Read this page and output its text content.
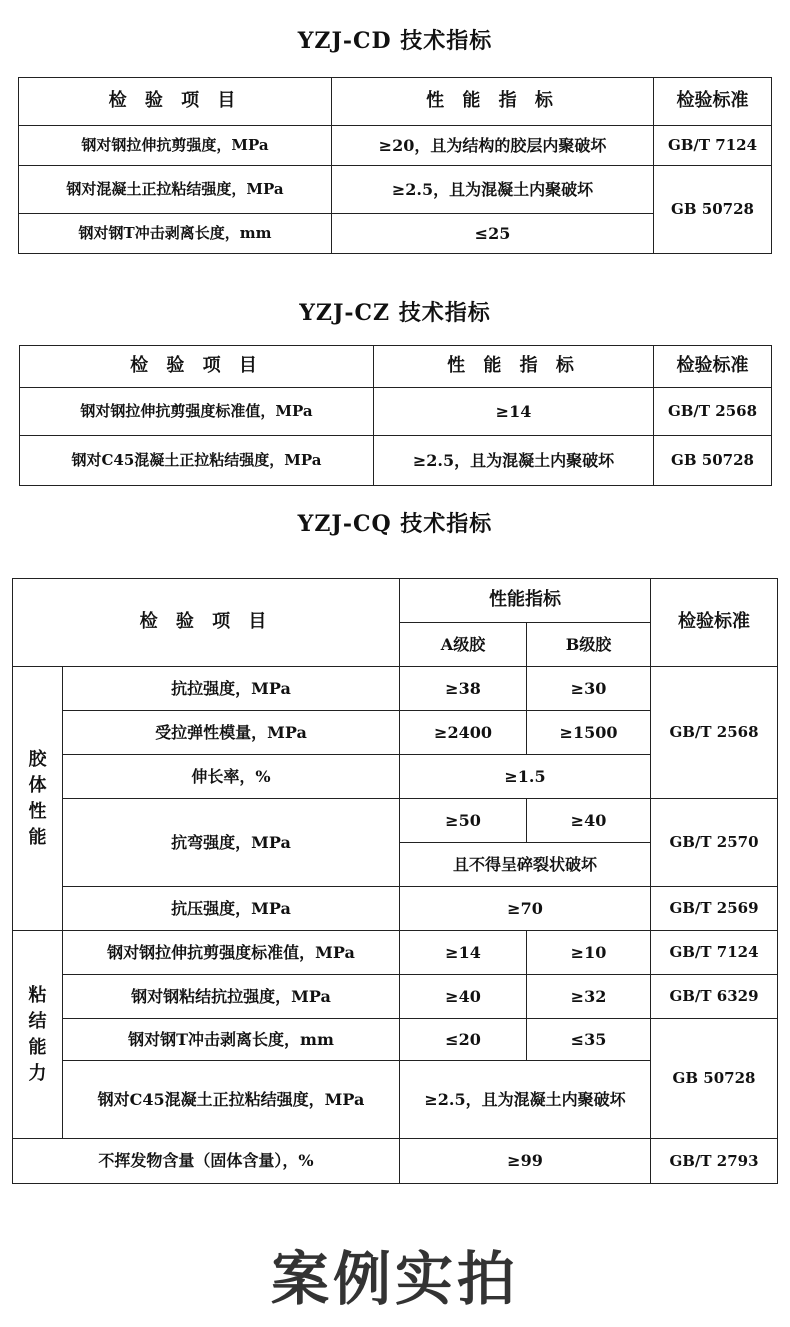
YZJ-CD 技术指标
检 验 项 目	性 能 指 标	检验标准
钢对钢拉伸抗剪强度，MPa	≥20，且为结构的胶层内聚破坏	GB/T 7124
钢对混凝土正拉粘结强度，MPa	≥2.5，且为混凝土内聚破坏	GB 50728
钢对钢T冲击剥离长度，mm	≤25	
YZJ-CZ 技术指标
检 验 项 目	性 能 指 标	检验标准
钢对钢拉伸抗剪强度标准值，MPa	≥14	GB/T 2568
钢对C45混凝土正拉粘结强度，MPa	≥2.5，且为混凝土内聚破坏	GB 50728
YZJ-CQ 技术指标
检 验 项 目		性能指标		检验标准
		A级胶	B级胶	
胶体性能	抗拉强度，MPa	≥38	≥30	GB/T 2568
	受拉弹性模量，MPa	≥2400	≥1500	
	伸长率，%	≥1.5		
	抗弯强度，MPa	≥50	≥40	GB/T 2570
		且不得呈碎裂状破坏		
	抗压强度，MPa	≥70		GB/T 2569
粘结能力	钢对钢拉伸抗剪强度标准值，MPa	≥14	≥10	GB/T 7124
	钢对钢粘结抗拉强度，MPa	≥40	≥32	GB/T 6329
	钢对钢T冲击剥离长度，mm	≤20	≤35	GB 50728
	钢对C45混凝土正拉粘结强度，MPa	≥2.5，且为混凝土内聚破坏		
不挥发物含量（固体含量），%		≥99		GB/T 2793
案例实拍
